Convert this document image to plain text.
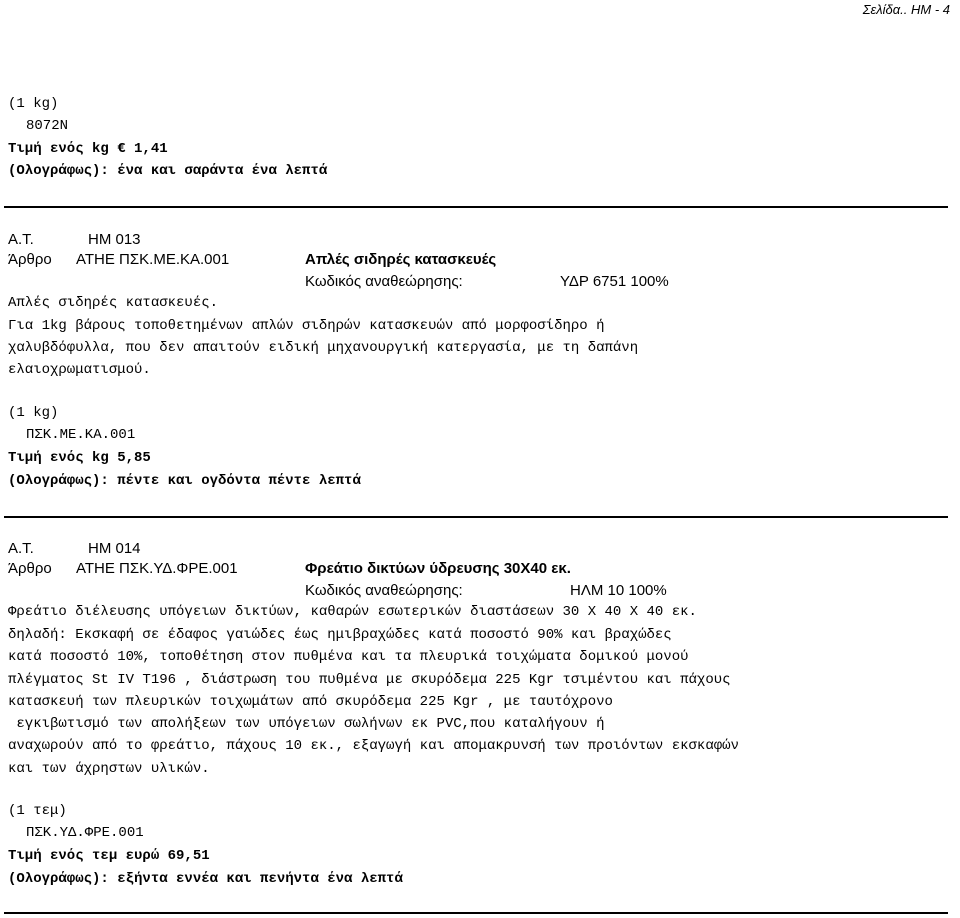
Σελίδα.. ΗΜ - 4
(1 kg)
8072Ν
Τιμή ενός kg € 1,41
(Ολογράφως): ένα και σαράντα ένα λεπτά
Α.Τ.	ΗΜ 013
Άρθρο ΑΤΗΕ ΠΣΚ.ΜΕ.ΚΑ.001	Απλές σιδηρές κατασκευές
Κωδικός αναθεώρησης:	ΥΔΡ 6751 100%
Απλές σιδηρές κατασκευές.
Για 1kg βάρους τοποθετημένων απλών σιδηρών κατασκευών από μορφοσίδηρο ή
χαλυβδόφυλλα, που δεν απαιτούν ειδική μηχανουργική κατεργασία, με τη δαπάνη
ελαιοχρωματισμού.
(1 kg)
ΠΣΚ.ΜΕ.ΚΑ.001
Τιμή ενός kg 5,85
(Ολογράφως): πέντε και ογδόντα πέντε λεπτά
Α.Τ.	ΗΜ 014
Άρθρο ΑΤΗΕ ΠΣΚ.ΥΔ.ΦΡΕ.001	Φρεάτιο δικτύων ύδρευσης 30Χ40 εκ.
Κωδικός αναθεώρησης:	ΗΛΜ 10 100%
Φρεάτιο διέλευσης υπόγειων δικτύων, καθαρών εσωτερικών διαστάσεων 30 Χ 40 Χ 40 εκ.
δηλαδή: Εκσκαφή σε έδαφος γαιώδες έως ημιβραχώδες κατά ποσοστό 90% και βραχώδες
κατά ποσοστό 10%, τοποθέτηση στον πυθμένα και τα πλευρικά τοιχώματα δομικού μονού
πλέγματος St IV T196 , διάστρωση του πυθμένα με σκυρόδεμα 225 Kgr τσιμέντου και πάχους
κατασκευή των πλευρικών τοιχωμάτων από σκυρόδεμα 225 Kgr , με ταυτόχρονο
εγκιβωτισμό των απολήξεων των υπόγειων σωλήνων εκ PVC,που καταλήγουν ή
αναχωρούν από το φρεάτιο, πάχους 10 εκ., εξαγωγή και απομακρυνσή των προιόντων εκσκαφών
και των άχρηστων υλικών.
(1 τεμ)
ΠΣΚ.ΥΔ.ΦΡΕ.001
Τιμή ενός τεμ ευρώ 69,51
(Ολογράφως): εξήντα εννέα και πενήντα ένα λεπτά
